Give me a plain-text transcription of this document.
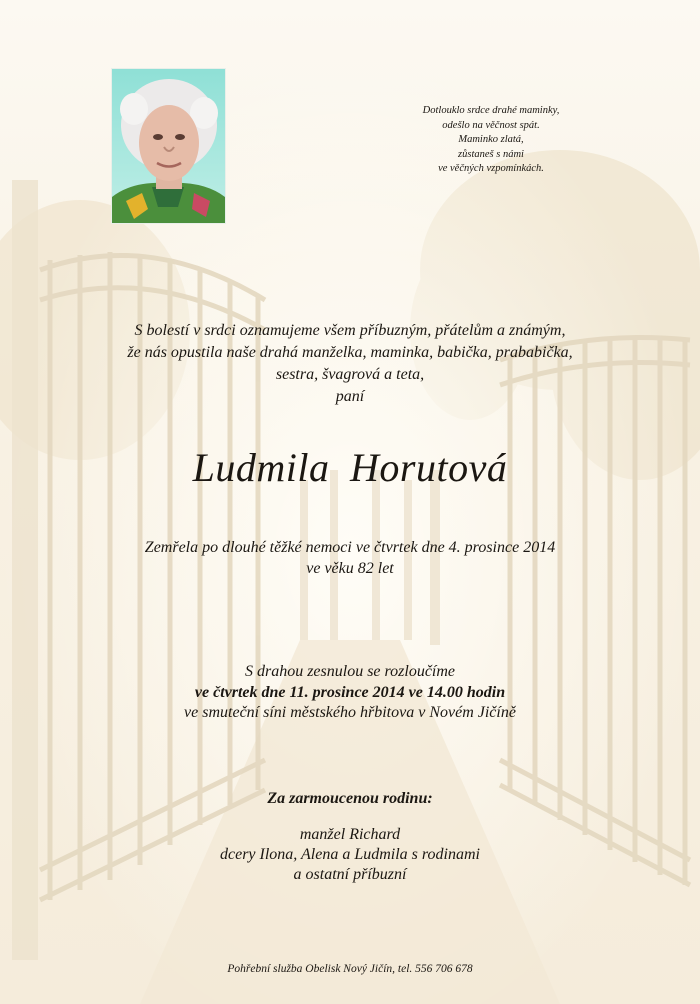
Dotlouklo srdce drahé maminky,
odešlo na věčnost spát.
Maminko zlatá,
zůstaneš s námi
ve věčných vzpomínkách.
S bolestí v srdci oznamujeme všem příbuzným, přátelům a známým,
že nás opustila naše drahá manželka, maminka, babička, prababička,
sestra, švagrová a teta,
paní
Ludmila Horutová
Zemřela po dlouhé těžké nemoci ve čtvrtek dne 4. prosince 2014
ve věku 82 let
S drahou zesnulou se rozloučíme
ve čtvrtek dne 11. prosince 2014 ve 14.00 hodin
ve smuteční síni městského hřbitova v Novém Jičíně
Za zarmoucenou rodinu:
manžel Richard
dcery Ilona, Alena a Ludmila s rodinami
a ostatní příbuzní
Pohřební služba Obelisk Nový Jičín, tel. 556 706 678
